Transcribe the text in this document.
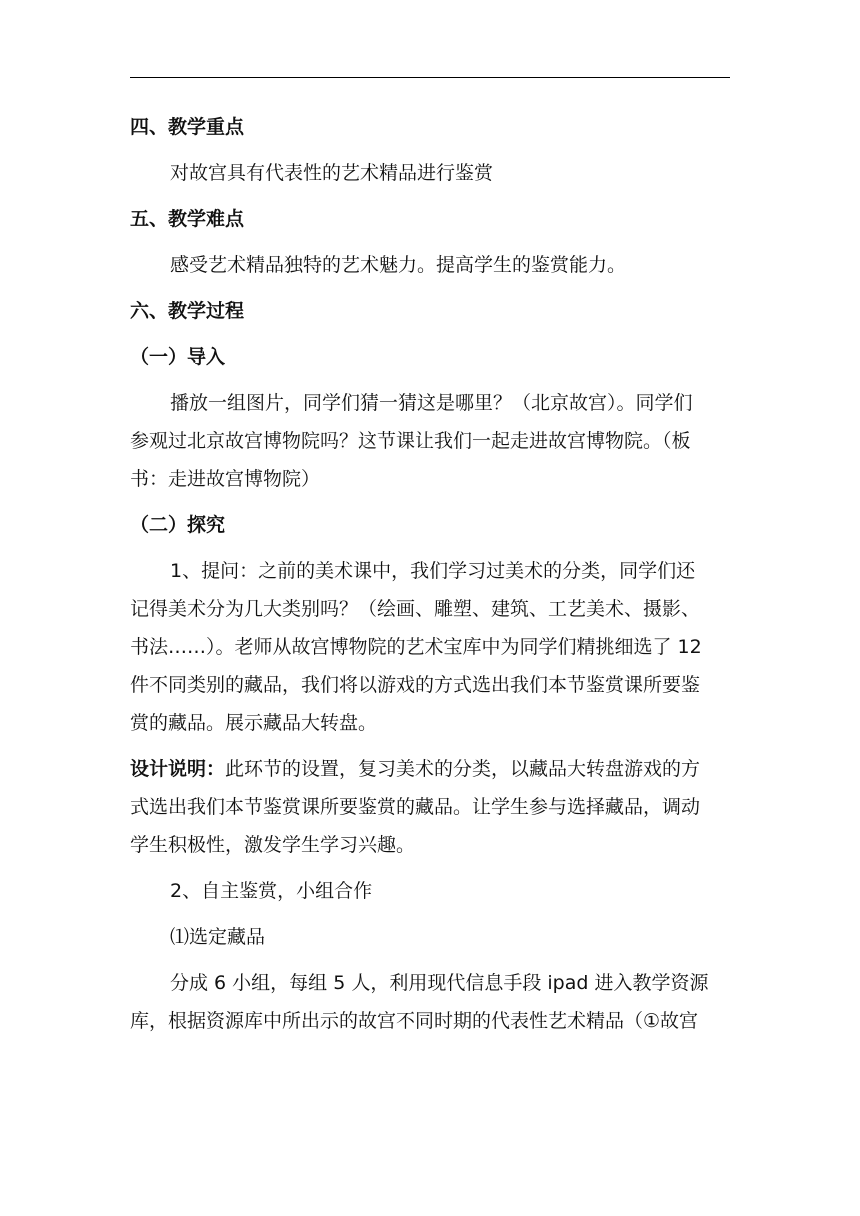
四、教学重点
对故宫具有代表性的艺术精品进行鉴赏
五、教学难点
感受艺术精品独特的艺术魅力。提高学生的鉴赏能力。
六、教学过程
（一）导入
播放一组图片，同学们猜一猜这是哪里？（北京故宫）。同学们
参观过北京故宫博物院吗？这节课让我们一起走进故宫博物院。（板
书：走进故宫博物院）
（二）探究
1、提问：之前的美术课中，我们学习过美术的分类，同学们还
记得美术分为几大类别吗？（绘画、雕塑、建筑、工艺美术、摄影、
书法……）。老师从故宫博物院的艺术宝库中为同学们精挑细选了 12
件不同类别的藏品，我们将以游戏的方式选出我们本节鉴赏课所要鉴
赏的藏品。展示藏品大转盘。
设计说明：此环节的设置，复习美术的分类，以藏品大转盘游戏的方
式选出我们本节鉴赏课所要鉴赏的藏品。让学生参与选择藏品，调动
学生积极性，激发学生学习兴趣。
2、自主鉴赏，小组合作
⑴选定藏品
分成 6 小组，每组 5 人，利用现代信息手段 ipad 进入教学资源
库，根据资源库中所出示的故宫不同时期的代表性艺术精品（①故宫
